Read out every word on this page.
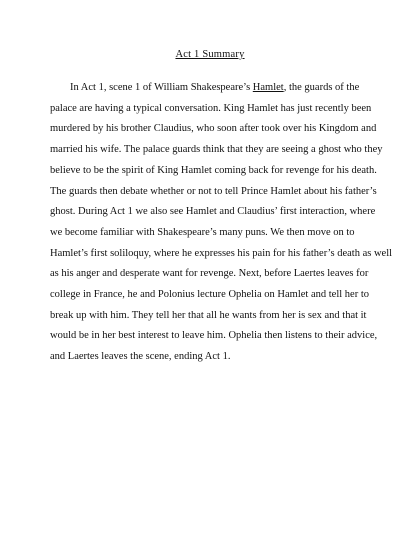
Act 1 Summary
In Act 1, scene 1 of William Shakespeare’s Hamlet, the guards of the
palace are having a typical conversation. King Hamlet has just recently been
murdered by his brother Claudius, who soon after took over his Kingdom and
married his wife. The palace guards think that they are seeing a ghost who they
believe to be the spirit of King Hamlet coming back for revenge for his death.
The guards then debate whether or not to tell Prince Hamlet about his father’s
ghost. During Act 1 we also see Hamlet and Claudius’ first interaction, where
we become familiar with Shakespeare’s many puns. We then move on to
Hamlet’s first soliloquy, where he expresses his pain for his father’s death as well
as his anger and desperate want for revenge. Next, before Laertes leaves for
college in France, he and Polonius lecture Ophelia on Hamlet and tell her to
break up with him. They tell her that all he wants from her is sex and that it
would be in her best interest to leave him. Ophelia then listens to their advice,
and Laertes leaves the scene, ending Act 1.
